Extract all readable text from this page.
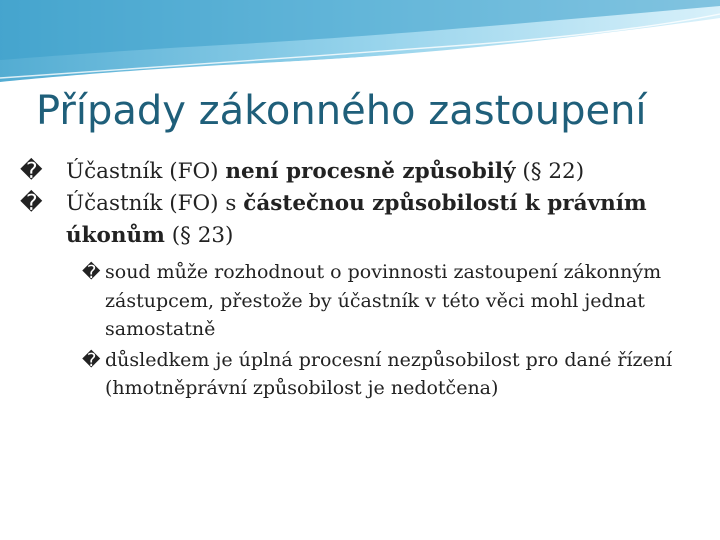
Případy zákonného zastoupení
� Účastník (FO) není procesně způsobilý (§ 22)
� Účastník (FO) s částečnou způsobilostí k právním úkonům (§ 23)
� soud může rozhodnout o povinnosti zastoupení zákonným zástupcem, přestože by účastník v této věci mohl jednat samostatně
� důsledkem je úplná procesní nezpůsobilost pro dané řízení (hmotněprávní způsobilost je nedotčena)
